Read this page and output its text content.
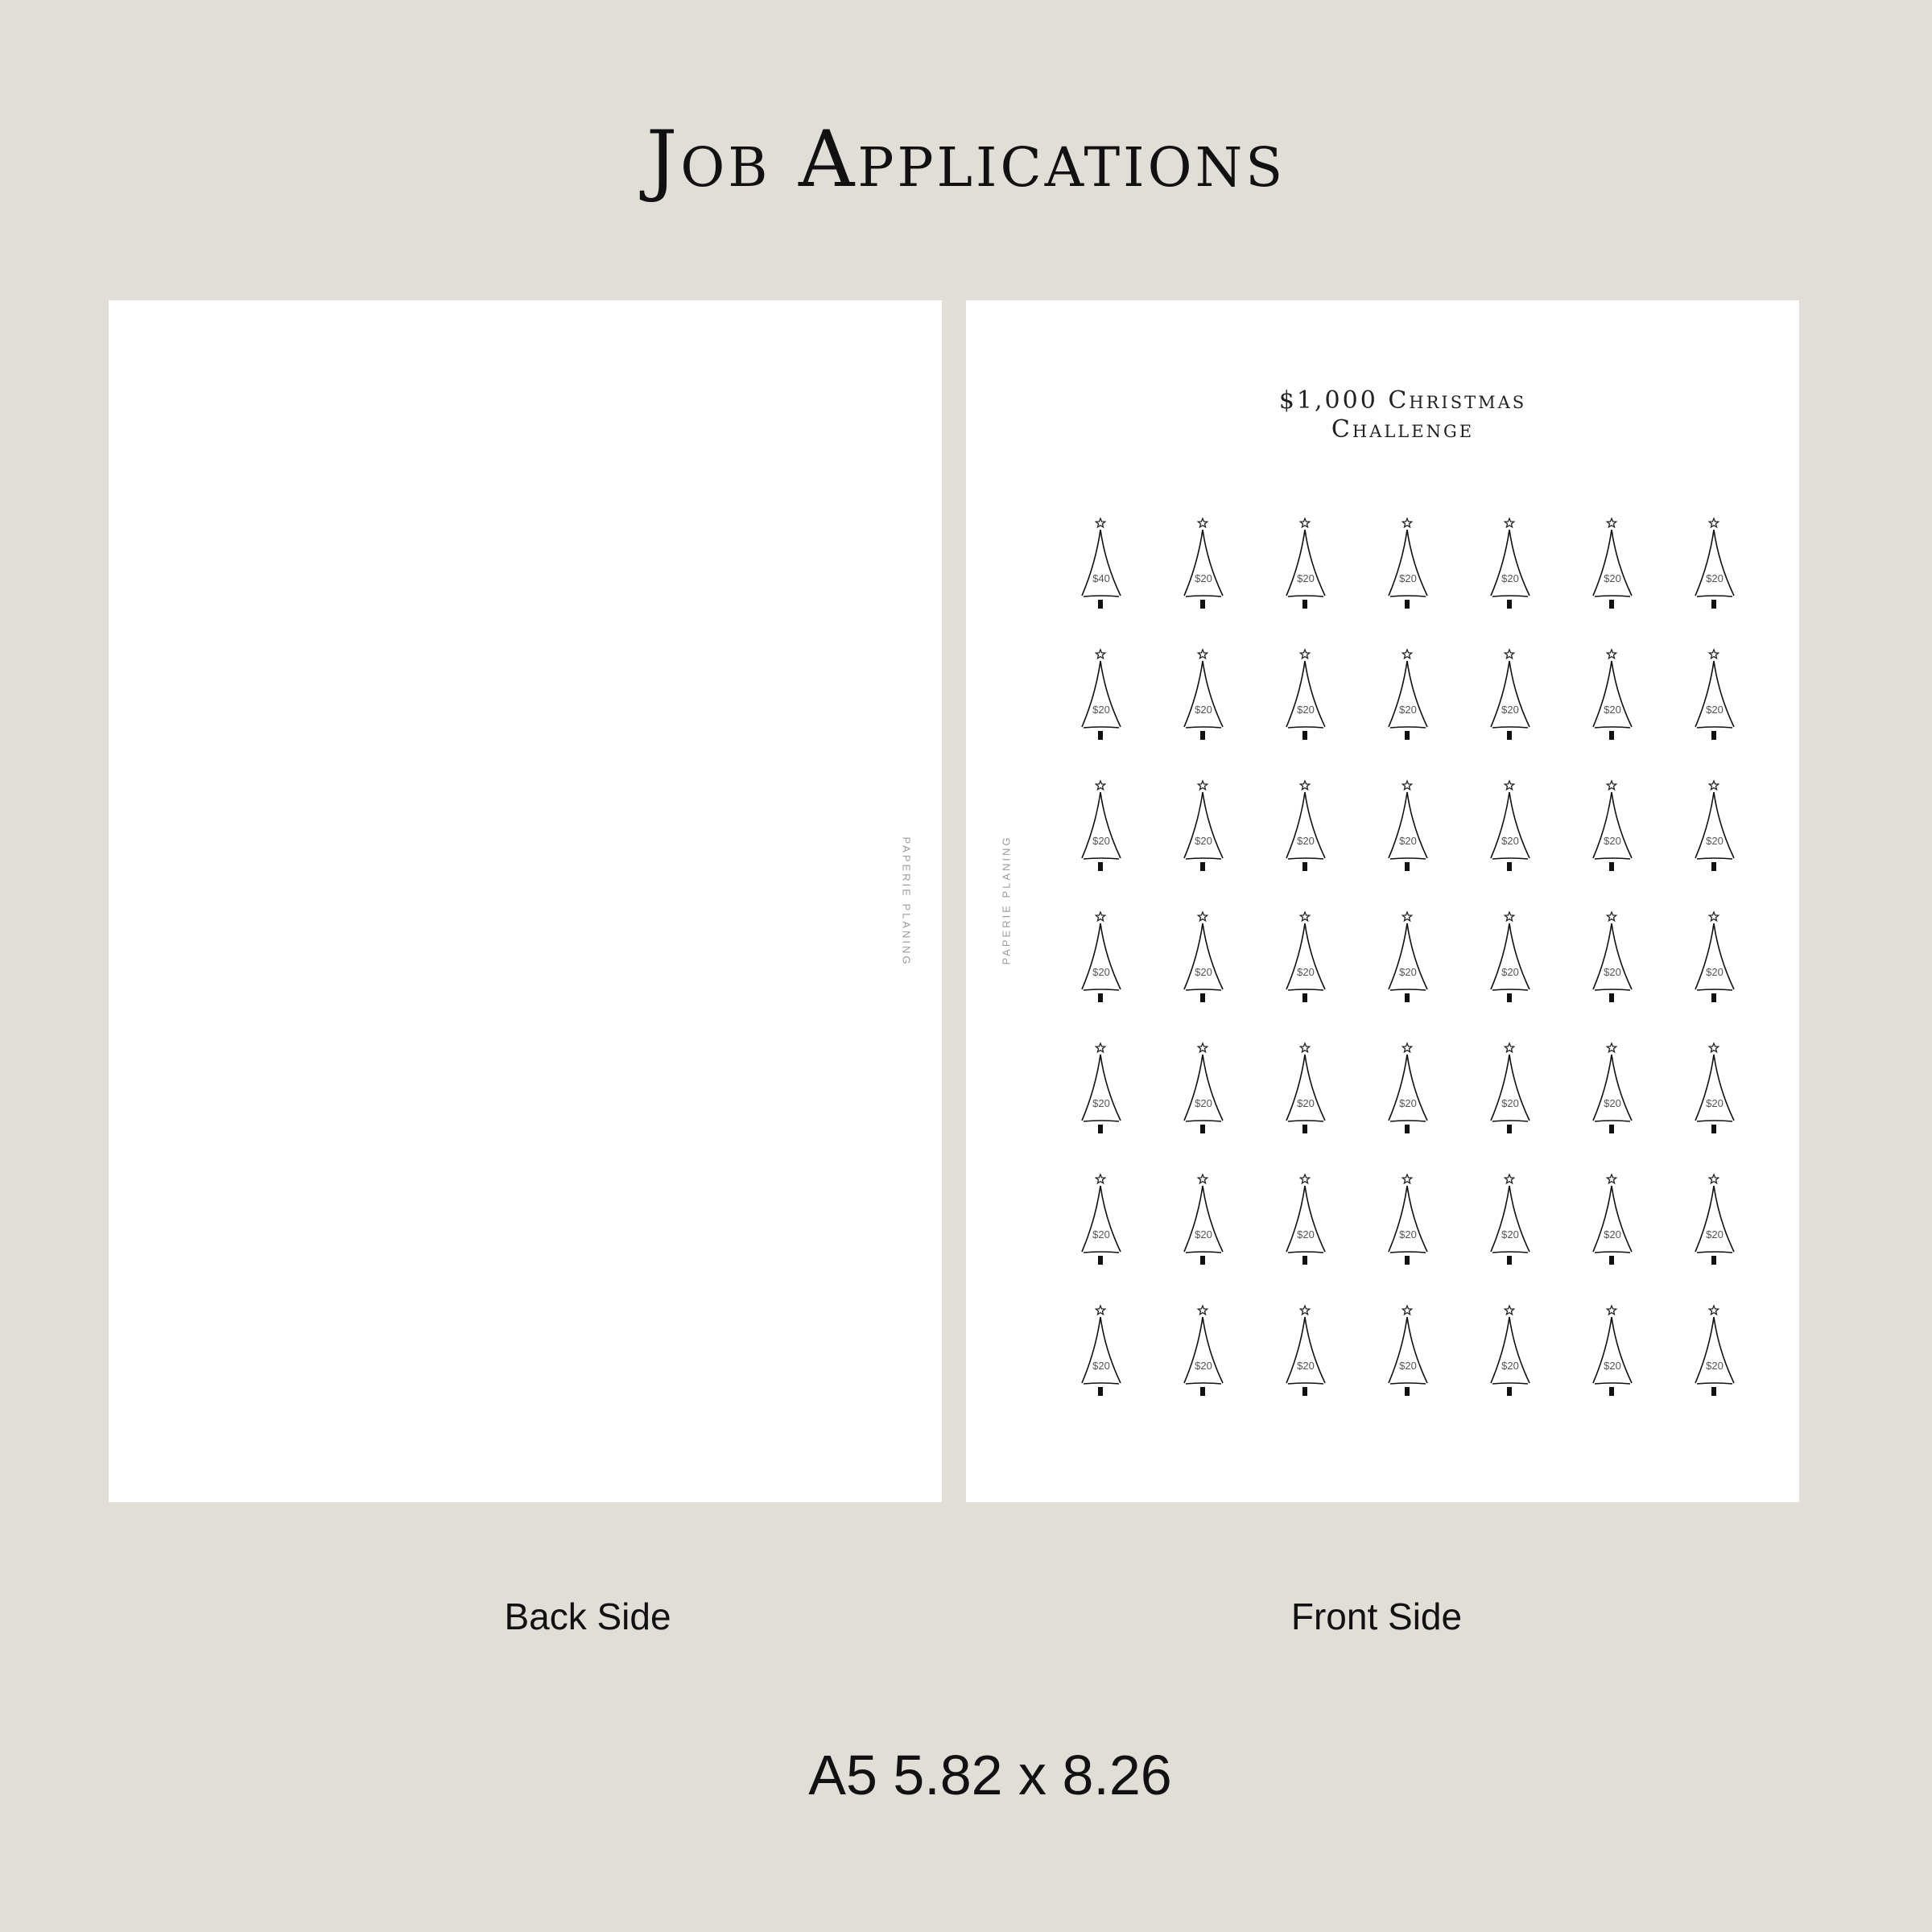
Job Applications
PAPERIE PLANING	PAPERIE PLANING
$1,000 Christmas
Challenge
$40	$20	$20	$20	$20	$20	$20
$20	$20	$20	$20	$20	$20	$20
$20	$20	$20	$20	$20	$20	$20
$20	$20	$20	$20	$20	$20	$20
$20	$20	$20	$20	$20	$20	$20
$20	$20	$20	$20	$20	$20	$20
$20	$20	$20	$20	$20	$20	$20
Back Side	Front Side
A5 5.82 x 8.26
